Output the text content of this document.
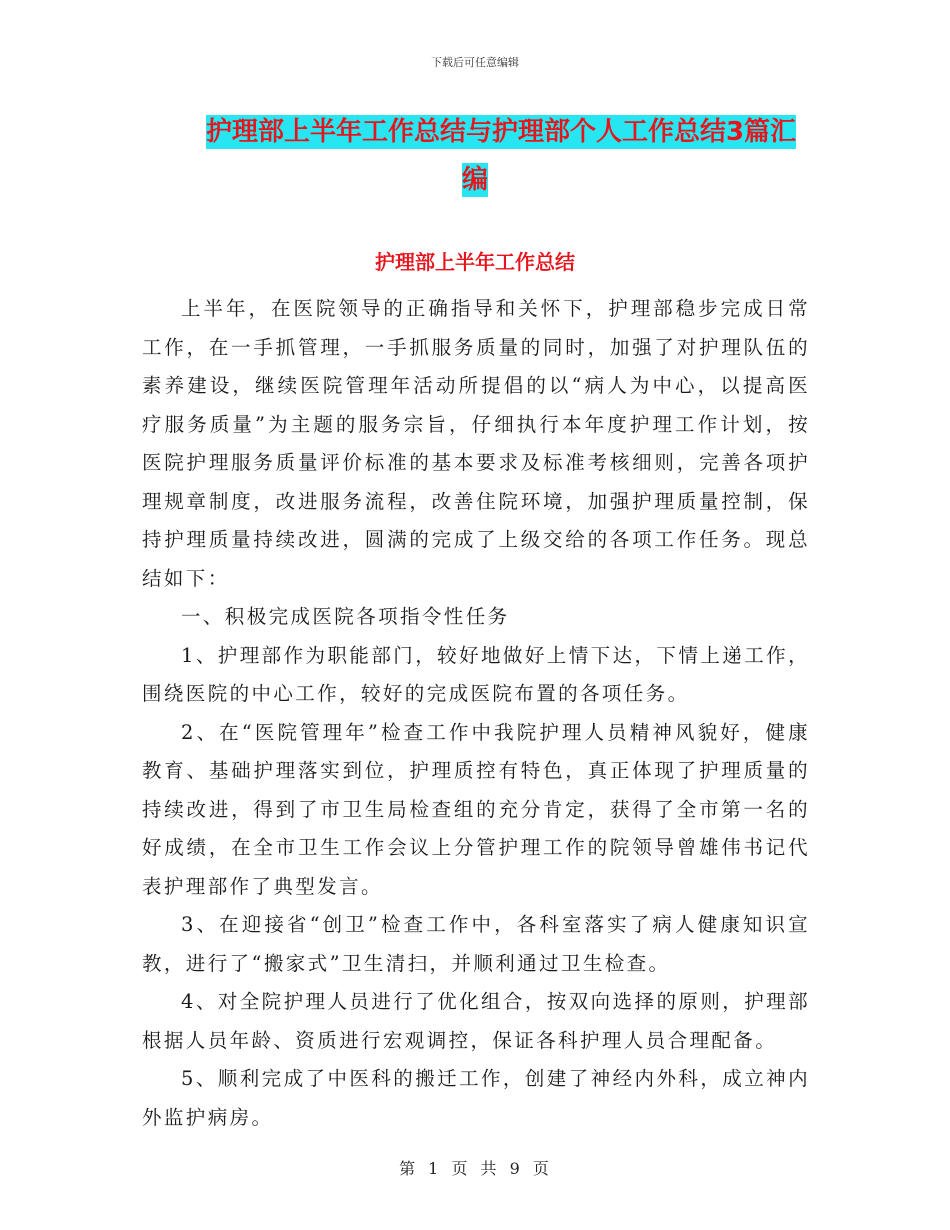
下载后可任意编辑
护理部上半年工作总结与护理部个人工作总结3篇汇
编
护理部上半年工作总结

上半年，在医院领导的正确指导和关怀下，护理部稳步完成日常工作，在一手抓管理，一手抓服务质量的同时，加强了对护理队伍的素养建设，继续医院管理年活动所提倡的以“病人为中心，以提高医疗服务质量”为主题的服务宗旨，仔细执行本年度护理工作计划，按医院护理服务质量评价标准的基本要求及标准考核细则，完善各项护理规章制度，改进服务流程，改善住院环境，加强护理质量控制，保持护理质量持续改进，圆满的完成了上级交给的各项工作任务。现总结如下：

一、积极完成医院各项指令性任务

1、护理部作为职能部门，较好地做好上情下达，下情上递工作，围绕医院的中心工作，较好的完成医院布置的各项任务。

2、在“医院管理年”检查工作中我院护理人员精神风貌好，健康教育、基础护理落实到位，护理质控有特色，真正体现了护理质量的持续改进，得到了市卫生局检查组的充分肯定，获得了全市第一名的好成绩，在全市卫生工作会议上分管护理工作的院领导曾雄伟书记代表护理部作了典型发言。

3、在迎接省“创卫”检查工作中，各科室落实了病人健康知识宣教，进行了“搬家式”卫生清扫，并顺利通过卫生检查。

4、对全院护理人员进行了优化组合，按双向选择的原则，护理部根据人员年龄、资质进行宏观调控，保证各科护理人员合理配备。

5、顺利完成了中医科的搬迁工作，创建了神经内外科，成立神内外监护病房。

第 1 页 共 9 页
